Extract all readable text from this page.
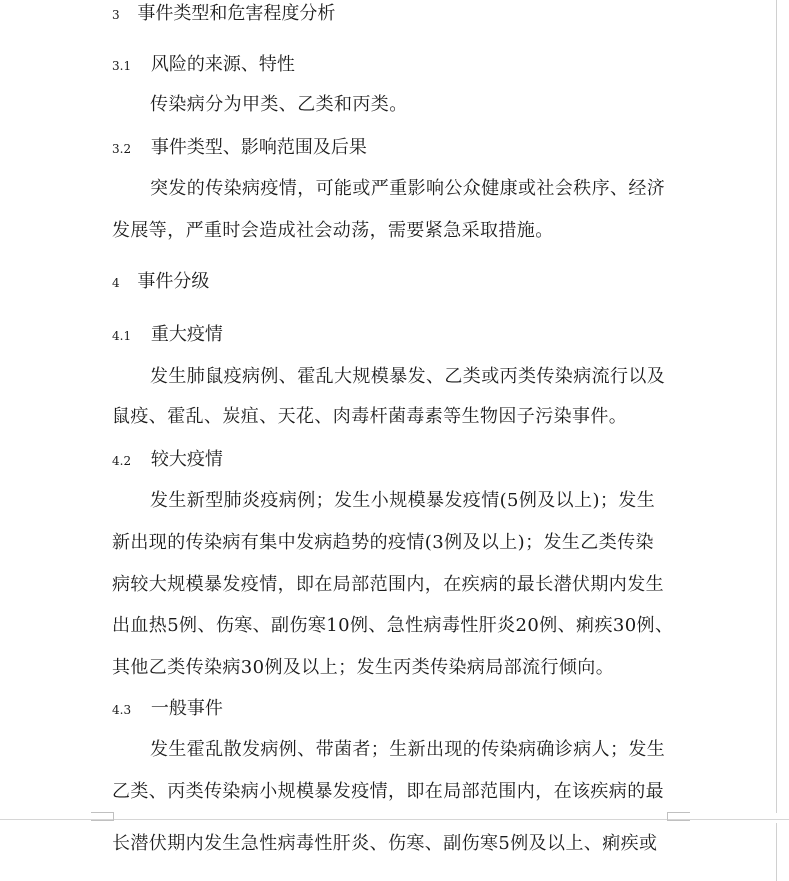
3 事件类型和危害程度分析
3.1 风险的来源、特性
传染病分为甲类、乙类和丙类。
3.2 事件类型、影响范围及后果
突发的传染病疫情，可能或严重影响公众健康或社会秩序、经济
发展等，严重时会造成社会动荡，需要紧急采取措施。
4 事件分级
4.1 重大疫情
发生肺鼠疫病例、霍乱大规模暴发、乙类或丙类传染病流行以及
鼠疫、霍乱、炭疽、天花、肉毒杆菌毒素等生物因子污染事件。
4.2 较大疫情
发生新型肺炎疫病例；发生小规模暴发疫情(5例及以上)；发生
新出现的传染病有集中发病趋势的疫情(3例及以上)；发生乙类传染
病较大规模暴发疫情，即在局部范围内，在疾病的最长潜伏期内发生
出血热5例、伤寒、副伤寒10例、急性病毒性肝炎20例、痢疾30例、
其他乙类传染病30例及以上；发生丙类传染病局部流行倾向。
4.3 一般事件
发生霍乱散发病例、带菌者；生新出现的传染病确诊病人；发生
乙类、丙类传染病小规模暴发疫情，即在局部范围内，在该疾病的最
长潜伏期内发生急性病毒性肝炎、伤寒、副伤寒5例及以上、痢疾或
